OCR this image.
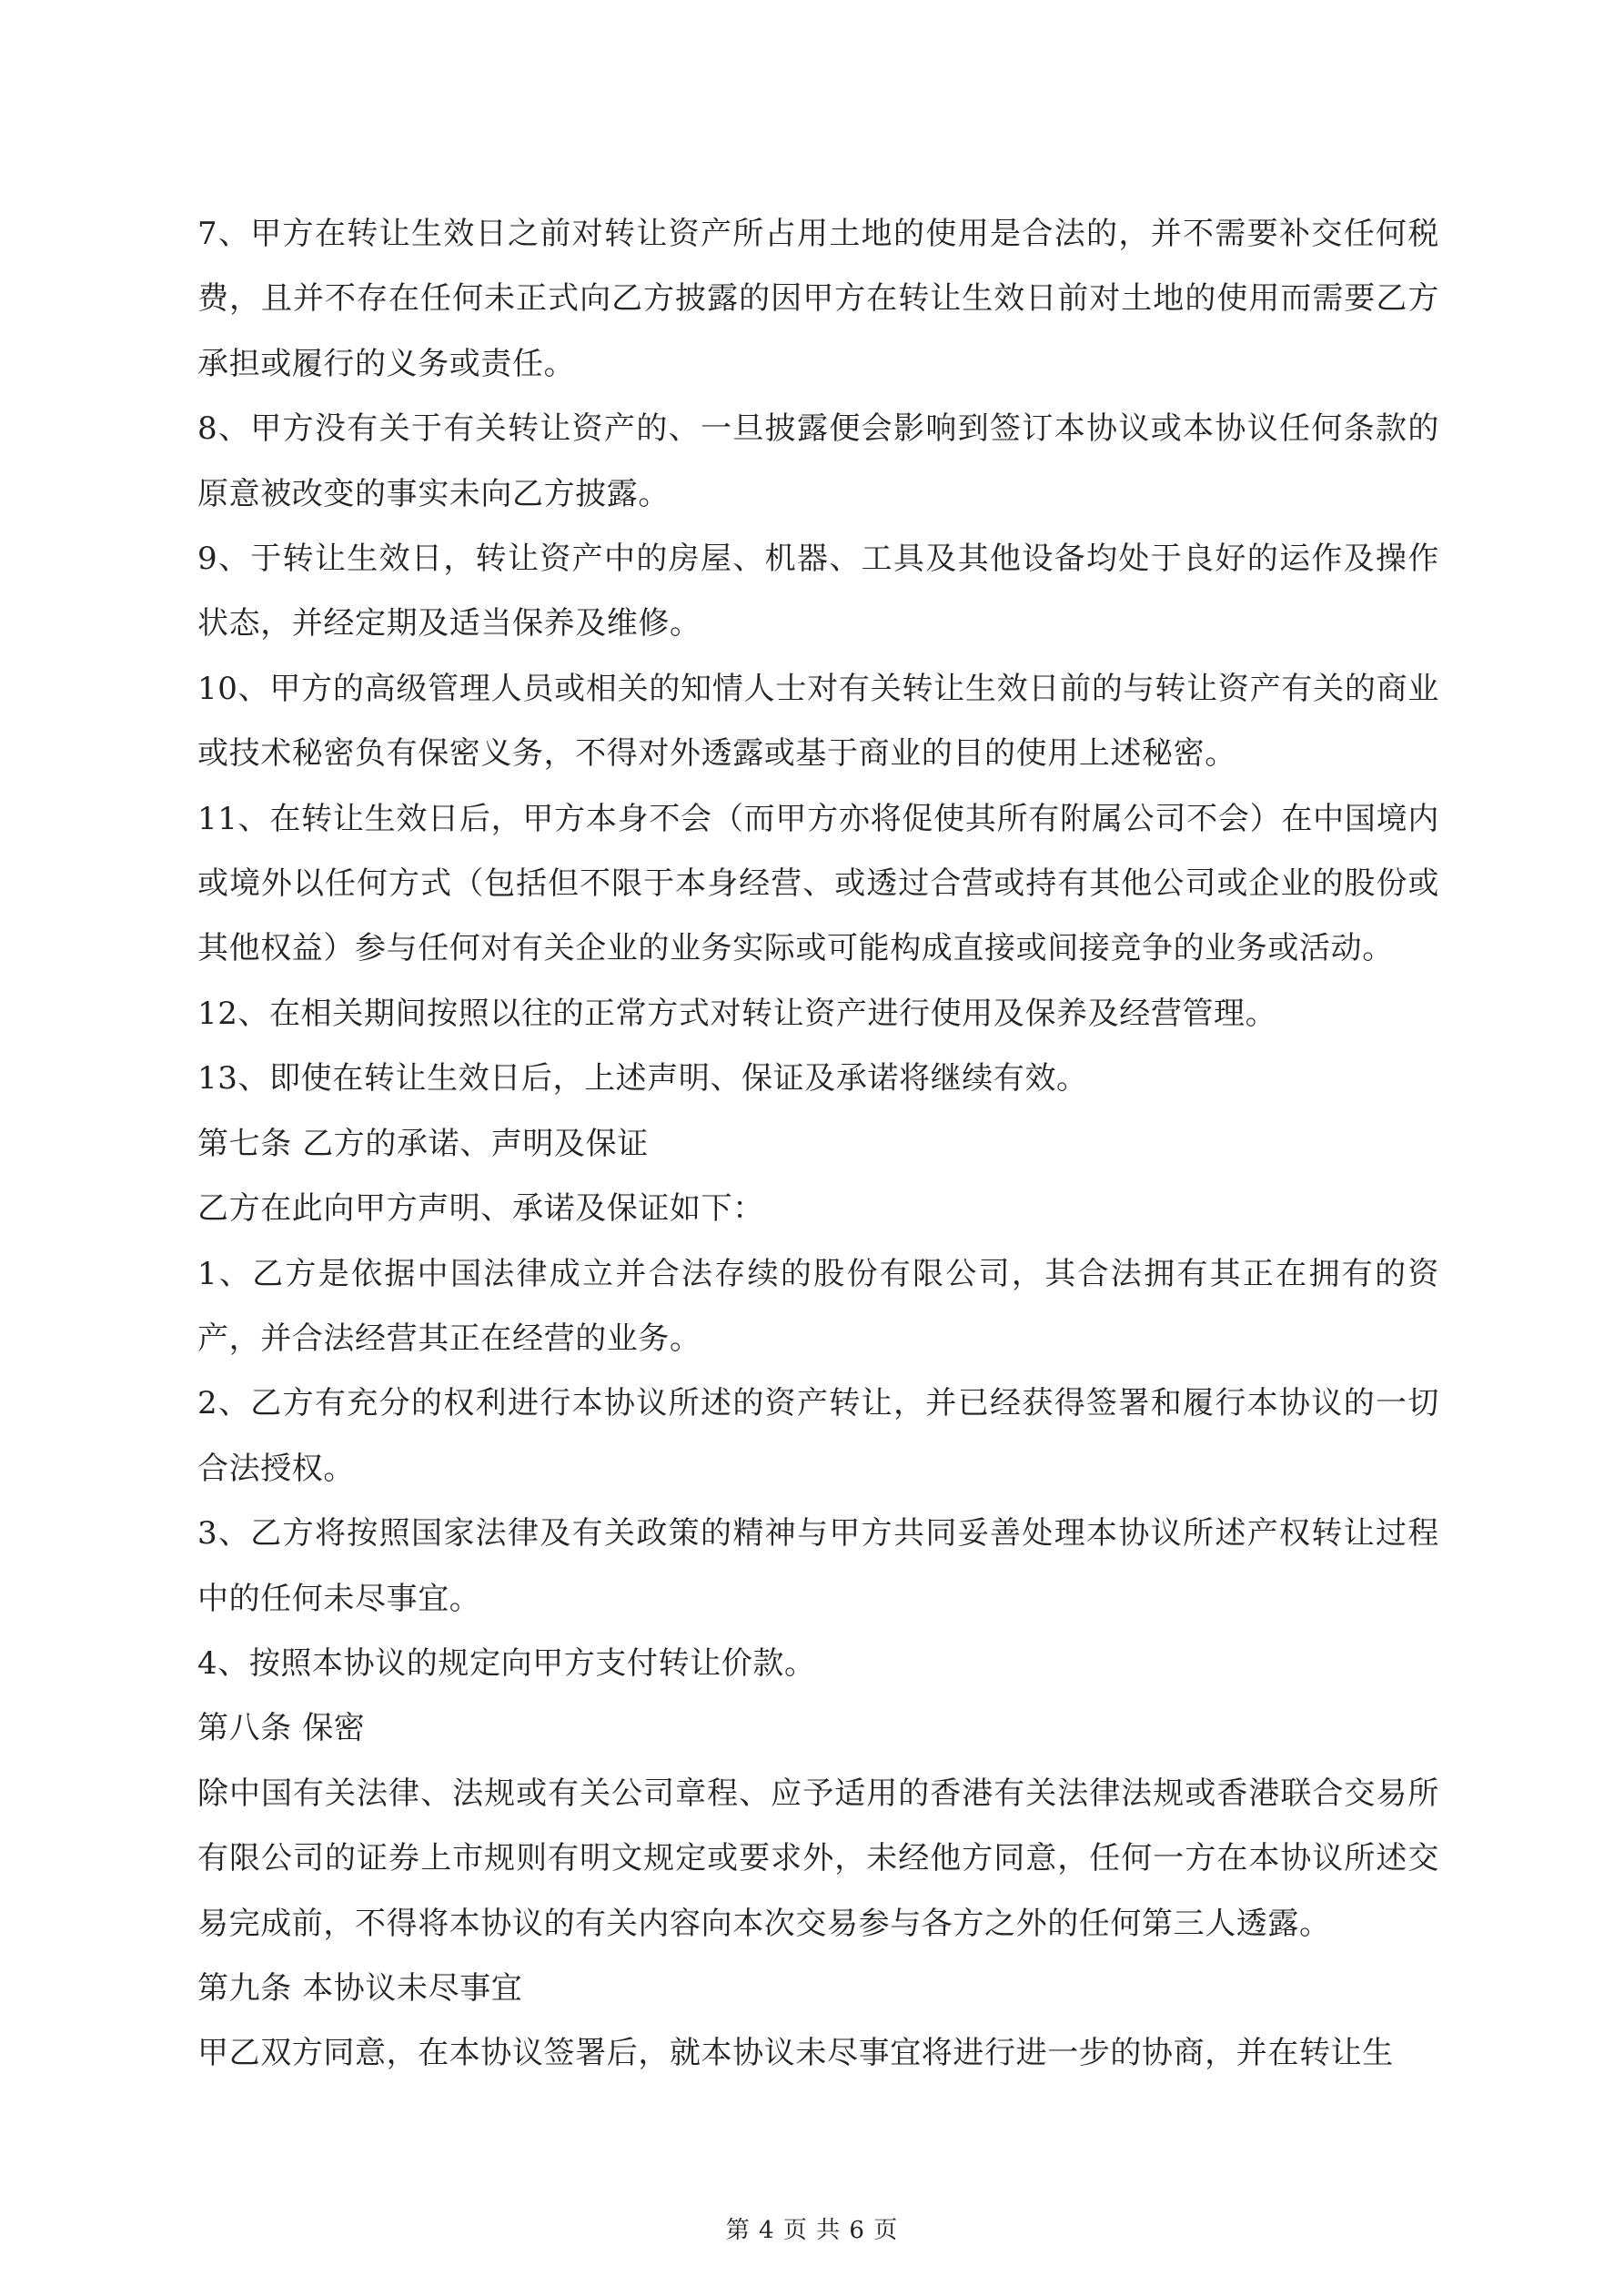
7、甲方在转让生效日之前对转让资产所占用土地的使用是合法的，并不需要补交任何税费，且并不存在任何未正式向乙方披露的因甲方在转让生效日前对土地的使用而需要乙方承担或履行的义务或责任。

8、甲方没有关于有关转让资产的、一旦披露便会影响到签订本协议或本协议任何条款的原意被改变的事实未向乙方披露。

9、于转让生效日，转让资产中的房屋、机器、工具及其他设备均处于良好的运作及操作状态，并经定期及适当保养及维修。

10、甲方的高级管理人员或相关的知情人士对有关转让生效日前的与转让资产有关的商业或技术秘密负有保密义务，不得对外透露或基于商业的目的使用上述秘密。

11、在转让生效日后，甲方本身不会（而甲方亦将促使其所有附属公司不会）在中国境内或境外以任何方式（包括但不限于本身经营、或透过合营或持有其他公司或企业的股份或其他权益）参与任何对有关企业的业务实际或可能构成直接或间接竞争的业务或活动。

12、在相关期间按照以往的正常方式对转让资产进行使用及保养及经营管理。

13、即使在转让生效日后，上述声明、保证及承诺将继续有效。

第七条 乙方的承诺、声明及保证

乙方在此向甲方声明、承诺及保证如下：

1、乙方是依据中国法律成立并合法存续的股份有限公司，其合法拥有其正在拥有的资产，并合法经营其正在经营的业务。

2、乙方有充分的权利进行本协议所述的资产转让，并已经获得签署和履行本协议的一切合法授权。

3、乙方将按照国家法律及有关政策的精神与甲方共同妥善处理本协议所述产权转让过程中的任何未尽事宜。

4、按照本协议的规定向甲方支付转让价款。

第八条 保密

除中国有关法律、法规或有关公司章程、应予适用的香港有关法律法规或香港联合交易所有限公司的证券上市规则有明文规定或要求外，未经他方同意，任何一方在本协议所述交易完成前，不得将本协议的有关内容向本次交易参与各方之外的任何第三人透露。

第九条 本协议未尽事宜

甲乙双方同意，在本协议签署后，就本协议未尽事宜将进行进一步的协商，并在转让生

第 4 页 共 6 页
